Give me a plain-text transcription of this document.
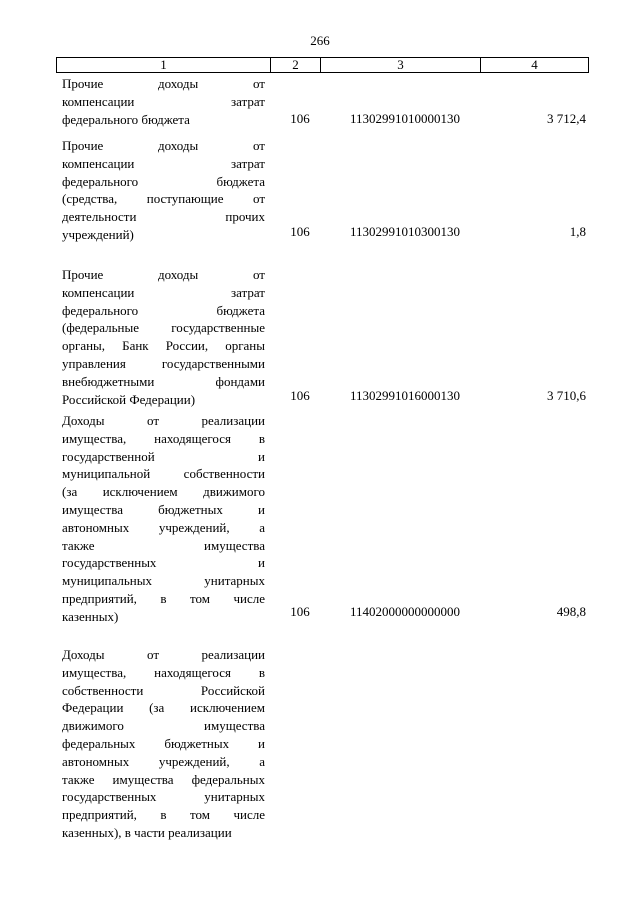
266
1	2	3	4
Прочие доходы от
компенсации затрат
федерального бюджета	106	11302991010000130	3 712,4
Прочие доходы от
компенсации затрат
федерального бюджета
(средства, поступающие от
деятельности прочих
учреждений)	106	11302991010300130	1,8
Прочие доходы от
компенсации затрат
федерального бюджета
(федеральные государственные
органы, Банк России, органы
управления государственными
внебюджетными фондами
Российской Федерации)	106	11302991016000130	3 710,6
Доходы от реализации
имущества, находящегося в
государственной и
муниципальной собственности
(за исключением движимого
имущества бюджетных и
автономных учреждений, а
также имущества
государственных и
муниципальных унитарных
предприятий, в том числе
казенных)	106	11402000000000000	498,8
Доходы от реализации
имущества, находящегося в
собственности Российской
Федерации (за исключением
движимого имущества
федеральных бюджетных и
автономных учреждений, а
также имущества федеральных
государственных унитарных
предприятий, в том числе
казенных), в части реализации
